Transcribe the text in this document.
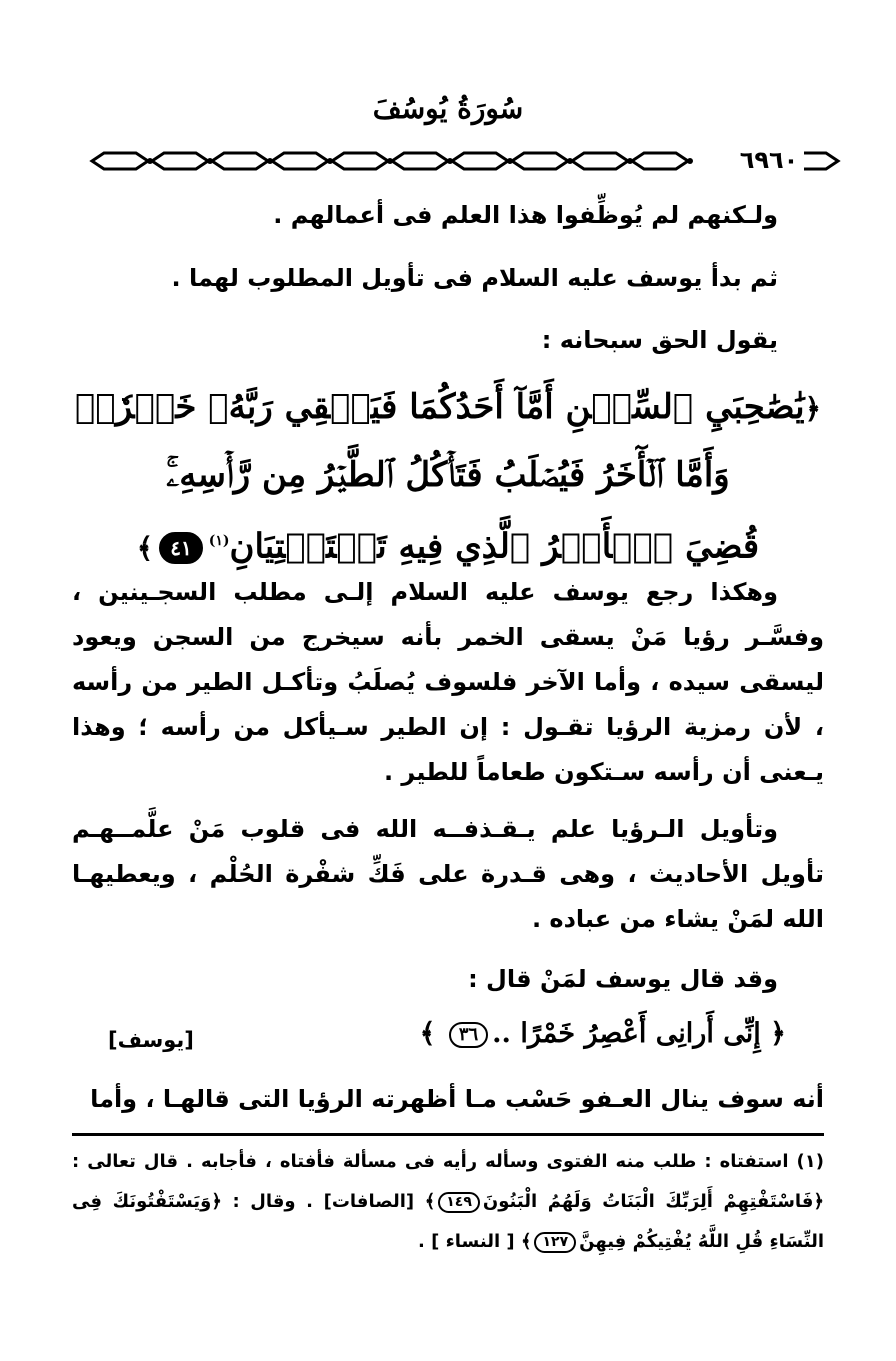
سُورَةُ يُوسُفَ
٦٩٦٠
ولـكنهم لم يُوظِّفوا هذا العلم فى أعمالهم .
ثم بدأ يوسف عليه السلام فى تأويل المطلوب لهما .
يقول الحق سبحانه :
﴿يَٰصَٰحِبَيِ ٱلسِّجۡنِ أَمَّآ أَحَدُكُمَا فَيَسۡقِي رَبَّهُۥ خَمۡرٗاۖ
وَأَمَّا ٱلۡأٓخَرُ فَيُصۡلَبُ فَتَأۡكُلُ ٱلطَّيۡرُ مِن رَّأۡسِهِۦۚ
قُضِيَ ٱلۡأَمۡرُ ٱلَّذِي فِيهِ تَسۡتَفۡتِيَانِ$^{(١)}$٤١﴾
وهكذا رجع يوسف عليه السلام إلـى مطلب السجـينين ، وفسَّـر رؤيا مَنْ يسقى الخمر بأنه سيخرج من السجن ويعود ليسقى سيده ، وأما الآخر فلسوف يُصلَبُ وتأكـل الطير من رأسه ، لأن رمزية الرؤيا تقـول : إن الطير سـيأكل من رأسه ؛ وهذا يـعنى أن رأسه سـتكون طعاماً للطير .
وتأويل الـرؤيا علم يـقـذفــه الله فى قلوب مَنْ علَّمــهـم تأويل الأحاديث ، وهى قـدرة على فَكِّ شفْرة الحُلْم ، ويعطيهـا الله لمَنْ يشاء من عباده .
وقد قال يوسف لمَنْ قال :
﴿ إِنِّى أَرانِى أَعْصِرُ خَمْرًا ..٣٦ ﴾
[يوسف]
أنه سوف ينال العـفو حَسْب مـا أظهرته الرؤيا التى قالهـا ، وأما
(١) استفتاه : طلب منه الفتوى وسأله رأيه فى مسألة فأفتاه ، فأجابه . قال تعالى : ﴿فَاسْتَفْتِهِمْ أَلِرَبِّكَ الْبَنَاتُ وَلَهُمُ الْبَنُونَ١٤٩﴾ [الصافات] . وقال : ﴿وَيَسْتَفْتُونَكَ فِى النِّسَاءِ قُلِ اللَّهُ يُفْتِيكُمْ فِيهِنَّ١٢٧﴾ [ النساء ] .
